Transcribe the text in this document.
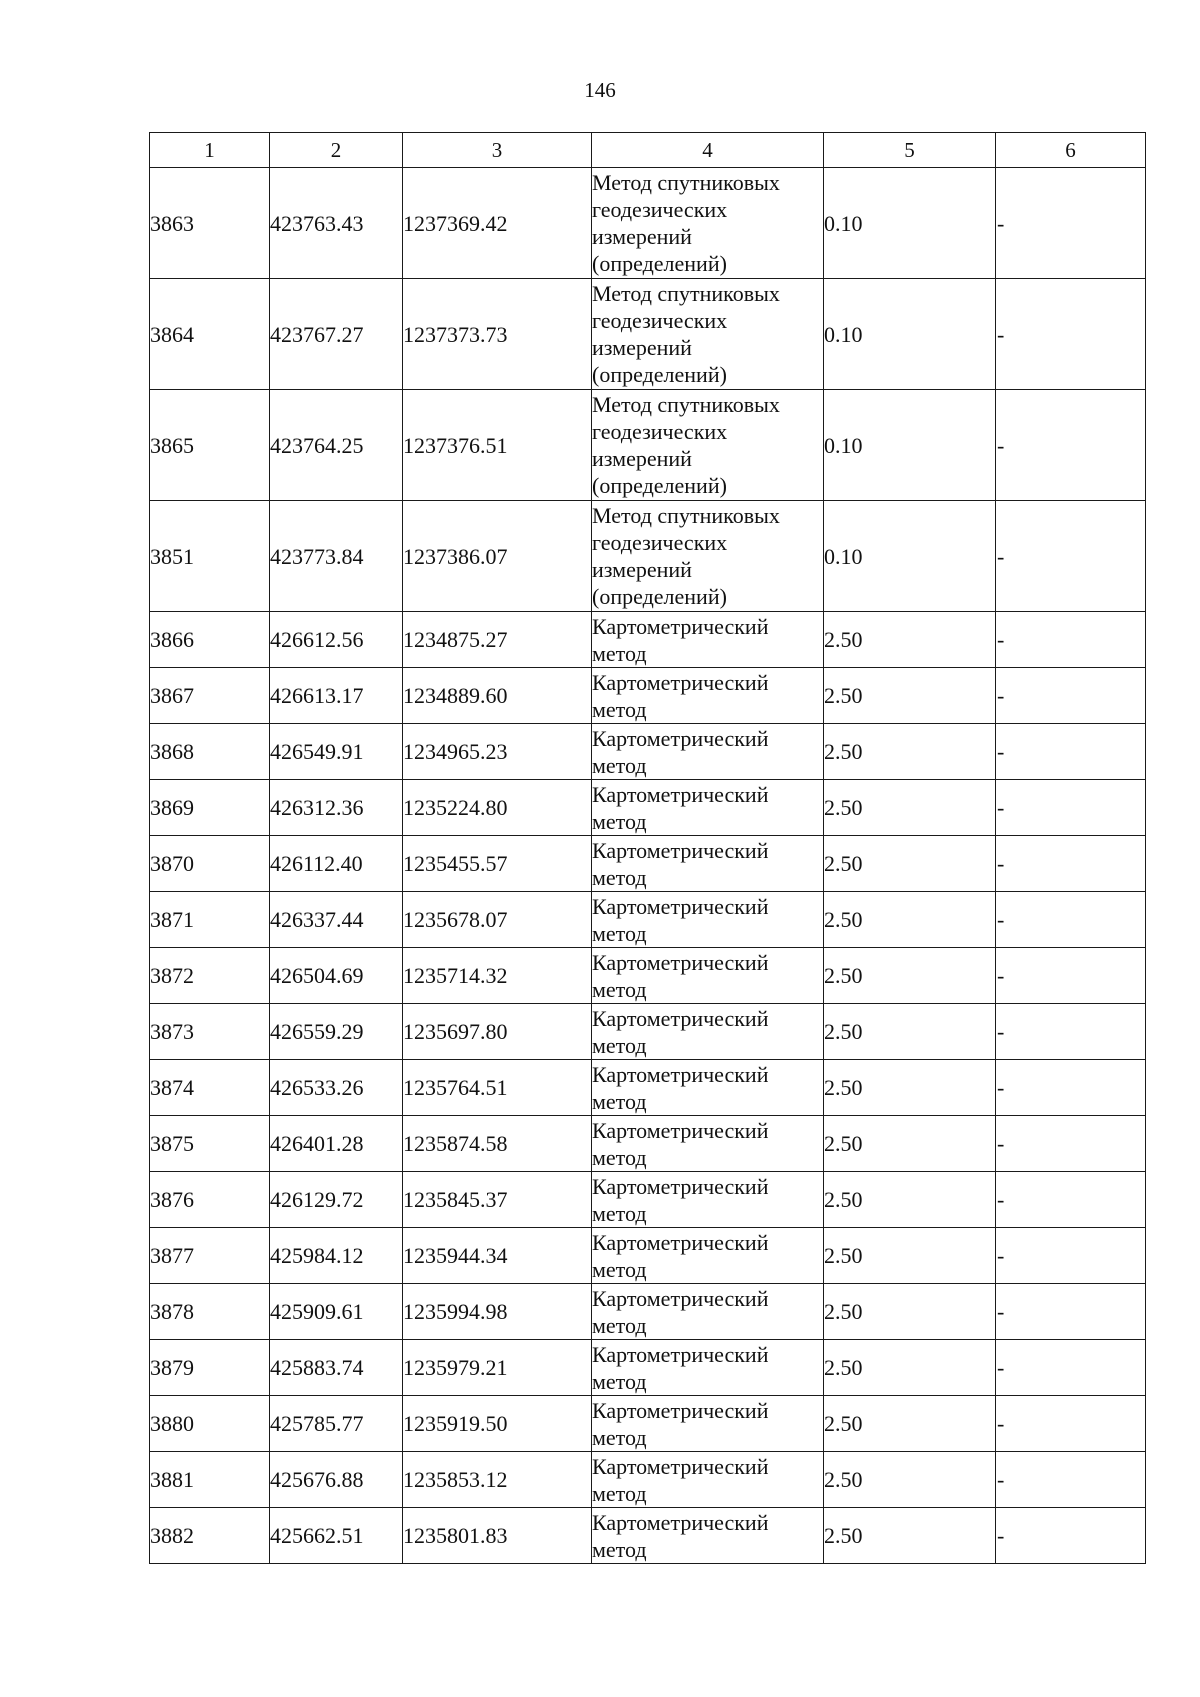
146
1	2	3	4	5	6
3863	423763.43	1237369.42	Метод спутниковых геодезических измерений (определений)	0.10	-
3864	423767.27	1237373.73	Метод спутниковых геодезических измерений (определений)	0.10	-
3865	423764.25	1237376.51	Метод спутниковых геодезических измерений (определений)	0.10	-
3851	423773.84	1237386.07	Метод спутниковых геодезических измерений (определений)	0.10	-
3866	426612.56	1234875.27	Картометрический метод	2.50	-
3867	426613.17	1234889.60	Картометрический метод	2.50	-
3868	426549.91	1234965.23	Картометрический метод	2.50	-
3869	426312.36	1235224.80	Картометрический метод	2.50	-
3870	426112.40	1235455.57	Картометрический метод	2.50	-
3871	426337.44	1235678.07	Картометрический метод	2.50	-
3872	426504.69	1235714.32	Картометрический метод	2.50	-
3873	426559.29	1235697.80	Картометрический метод	2.50	-
3874	426533.26	1235764.51	Картометрический метод	2.50	-
3875	426401.28	1235874.58	Картометрический метод	2.50	-
3876	426129.72	1235845.37	Картометрический метод	2.50	-
3877	425984.12	1235944.34	Картометрический метод	2.50	-
3878	425909.61	1235994.98	Картометрический метод	2.50	-
3879	425883.74	1235979.21	Картометрический метод	2.50	-
3880	425785.77	1235919.50	Картометрический метод	2.50	-
3881	425676.88	1235853.12	Картометрический метод	2.50	-
3882	425662.51	1235801.83	Картометрический метод	2.50	-
